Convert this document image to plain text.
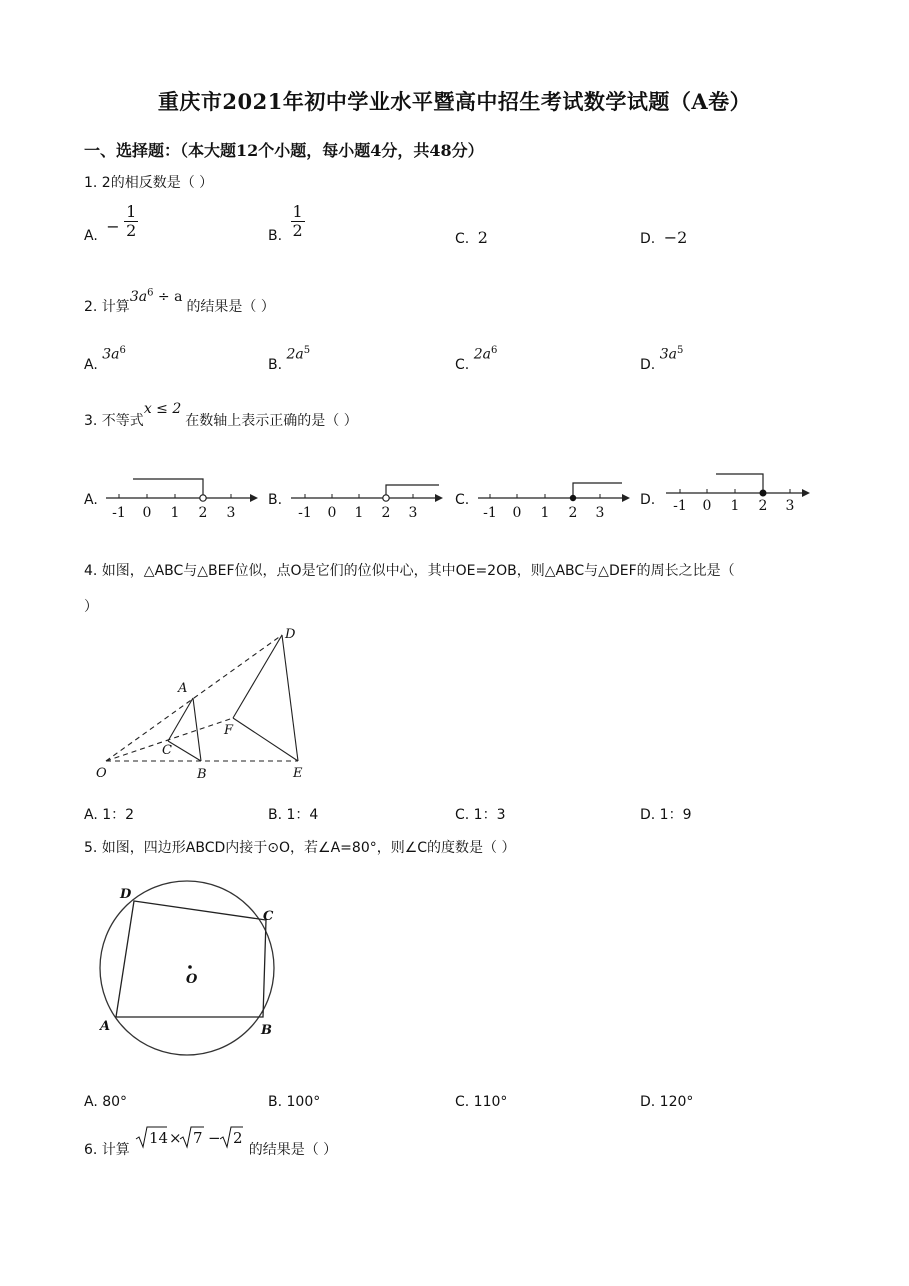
重庆市2021年初中学业水平暨高中招生考试数学试题（A卷）
一、选择题：（本大题12个小题，每小题4分，共48分）
1. 2的相反数是（ ）
A. − $\frac{1}{2}$	B. $\frac{1}{2}$	C. 2	D. −2
2. 计算$3a^6 \div a$的结果是（ ）
A. $3a^6$
B. $2a^5$
C. $2a^6$
D. $3a^5$
3. 不等式x ≤ 2在数轴上表示正确的是（ ）
A.	B.	C.	D.
-1 0 1 2 3	-1 0 1 2 3	-1 0 1 2 3	-1 0 1 2 3
4. 如图，△ABC与△BEF位似，点O是它们的位似中心，其中OE=2OB，则△ABC与△DEF的周长之比是（
）
A
D
F
C
O	B	E
A. 1：2	B. 1：4	C. 1：3	D. 1：9
5. 如图，四边形ABCD内接于⊙O，若∠A=80°，则∠C的度数是（ ）
D
C
O
A	B
A. 80°	B. 100°	C. 110°	D. 120°
6. 计算
14 × 7 − 2
的结果是（ ）
